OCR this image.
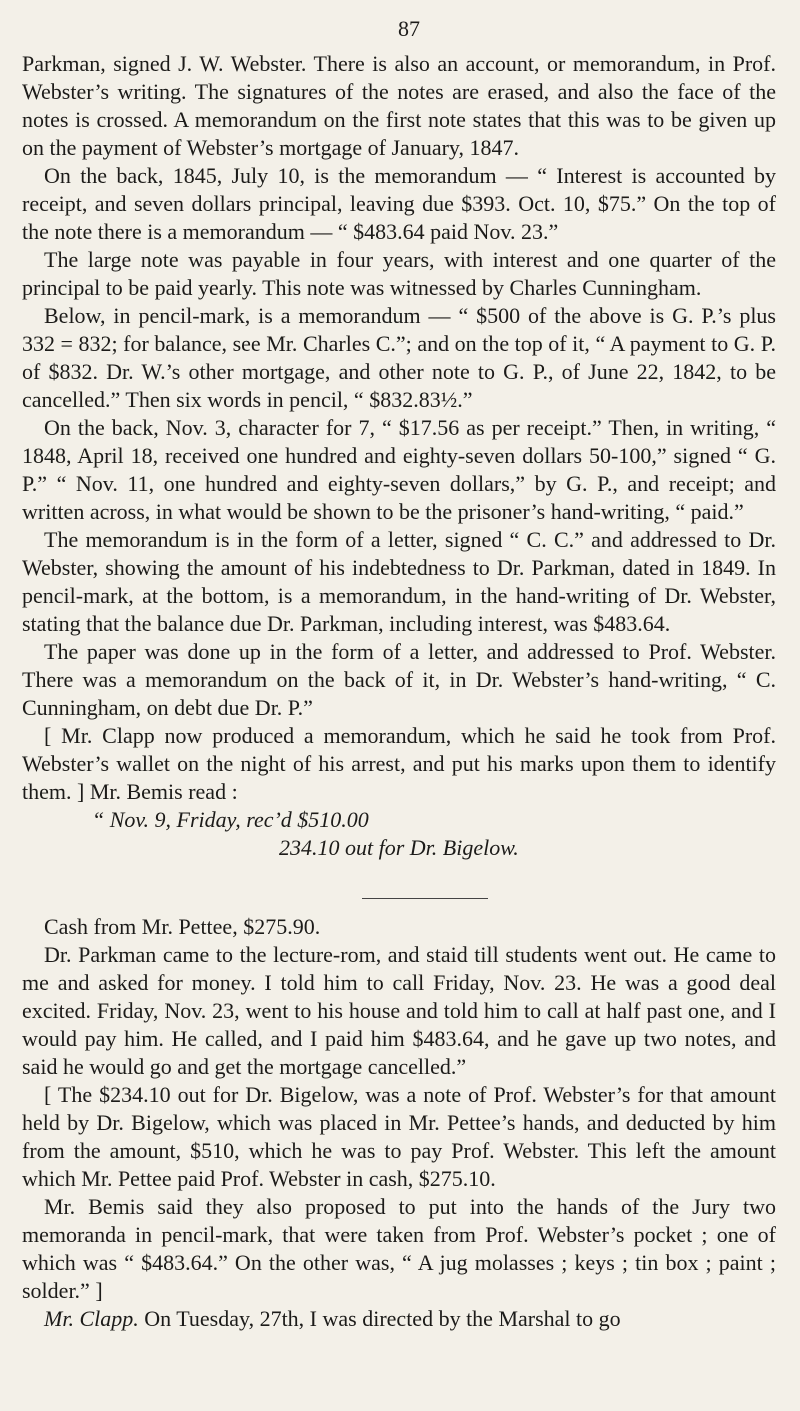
87

Parkman, signed J. W. Webster. There is also an account, or memorandum, in Prof. Webster’s writing. The signatures of the notes are erased, and also the face of the notes is crossed. A memorandum on the first note states that this was to be given up on the payment of Webster’s mortgage of January, 1847.

On the back, 1845, July 10, is the memorandum — “ Interest is accounted by receipt, and seven dollars principal, leaving due $393. Oct. 10, $75.” On the top of the note there is a memorandum — “ $483.64 paid Nov. 23.”

The large note was payable in four years, with interest and one quarter of the principal to be paid yearly. This note was witnessed by Charles Cunningham.

Below, in pencil-mark, is a memorandum — “ $500 of the above is G. P.’s plus 332 = 832; for balance, see Mr. Charles C.”; and on the top of it, “ A payment to G. P. of $832. Dr. W.’s other mortgage, and other note to G. P., of June 22, 1842, to be cancelled.” Then six words in pencil, “ $832.83½.”

On the back, Nov. 3, character for 7, “ $17.56 as per receipt.” Then, in writing, “ 1848, April 18, received one hundred and eighty-seven dollars 50-100,” signed “ G. P.” “ Nov. 11, one hundred and eighty-seven dollars,” by G. P., and receipt; and written across, in what would be shown to be the prisoner’s hand-writing, “ paid.”

The memorandum is in the form of a letter, signed “ C. C.” and addressed to Dr. Webster, showing the amount of his indebtedness to Dr. Parkman, dated in 1849. In pencil-mark, at the bottom, is a memorandum, in the hand-writing of Dr. Webster, stating that the balance due Dr. Parkman, including interest, was $483.64.

The paper was done up in the form of a letter, and addressed to Prof. Webster. There was a memorandum on the back of it, in Dr. Webster’s hand-writing, “ C. Cunningham, on debt due Dr. P.”

[ Mr. Clapp now produced a memorandum, which he said he took from Prof. Webster’s wallet on the night of his arrest, and put his marks upon them to identify them. ] Mr. Bemis read :

“ Nov. 9, Friday, rec’d $510.00
234.10 out for Dr. Bigelow.
Cash from Mr. Pettee, $275.90.

Dr. Parkman came to the lecture-rom, and staid till students went out. He came to me and asked for money. I told him to call Friday, Nov. 23. He was a good deal excited. Friday, Nov. 23, went to his house and told him to call at half past one, and I would pay him. He called, and I paid him $483.64, and he gave up two notes, and said he would go and get the mortgage cancelled.”

[ The $234.10 out for Dr. Bigelow, was a note of Prof. Webster’s for that amount held by Dr. Bigelow, which was placed in Mr. Pettee’s hands, and deducted by him from the amount, $510, which he was to pay Prof. Webster. This left the amount which Mr. Pettee paid Prof. Webster in cash, $275.10.

Mr. Bemis said they also proposed to put into the hands of the Jury two memoranda in pencil-mark, that were taken from Prof. Webster’s pocket ; one of which was “ $483.64.” On the other was, “ A jug molasses ; keys ; tin box ; paint ; solder.” ]

Mr. Clapp. On Tuesday, 27th, I was directed by the Marshal to go
